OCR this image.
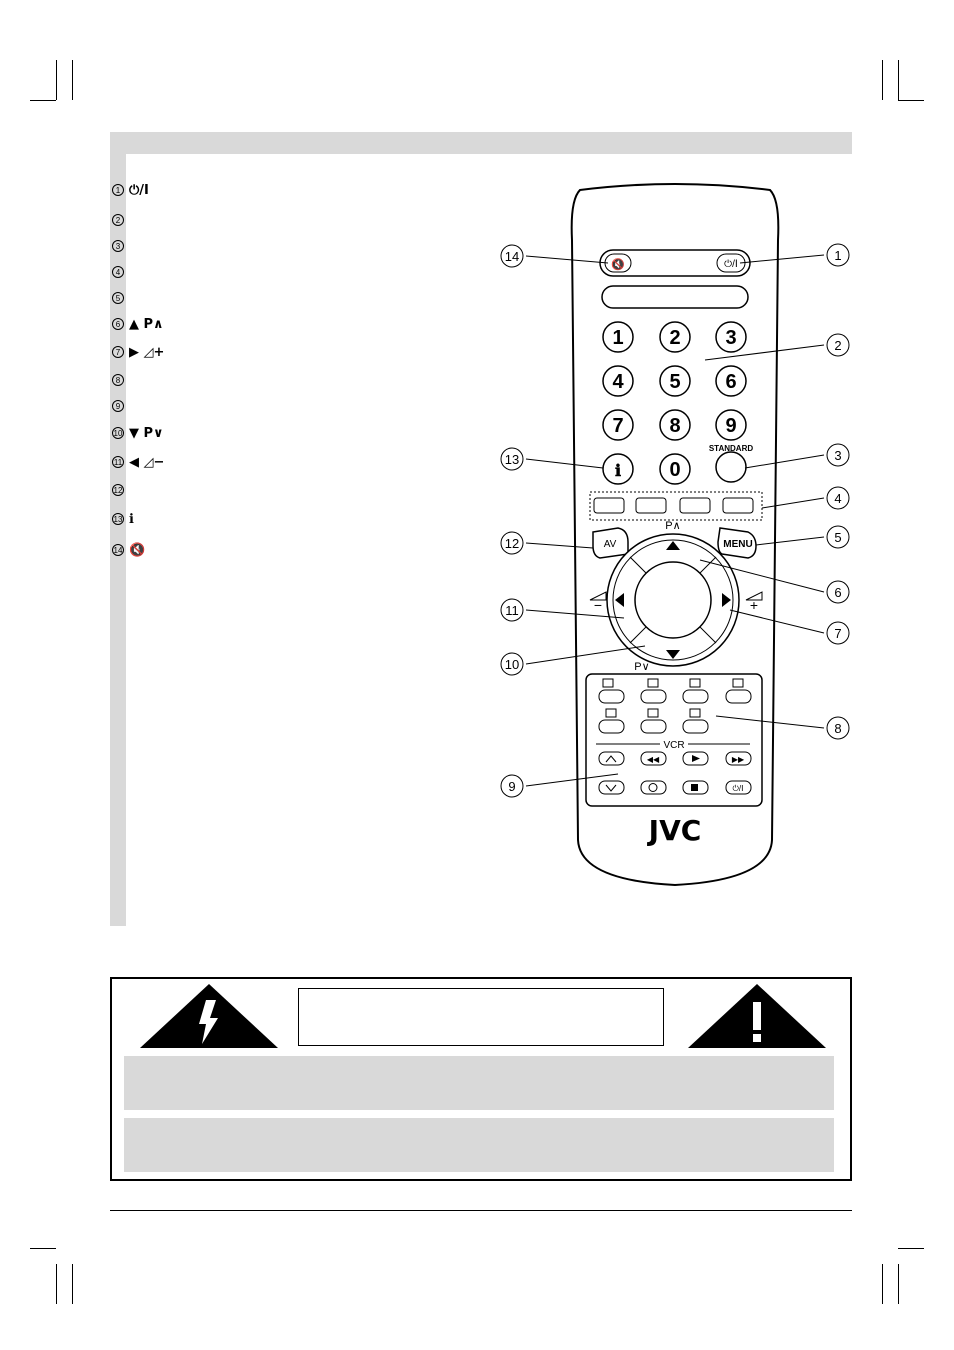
1 ⏻/Ⅰ
2
3
4
5
6 ▲ P∧
7 ▶ ◿+
8
9
10 ▼ P∨
11 ◀ ◿−
12
13 ℹ
14 🔇
🔇	⏻/Ⅰ
1 2 3
4 5 6
7 8 9
ℹ 0
STANDARD
AV	MENU
P∧
−	+
P∨
VCR
◀◀	▶▶
⏻/Ⅰ
JVC
14	1
2
3
4
5
6
7
8
9
10
11
12
13
